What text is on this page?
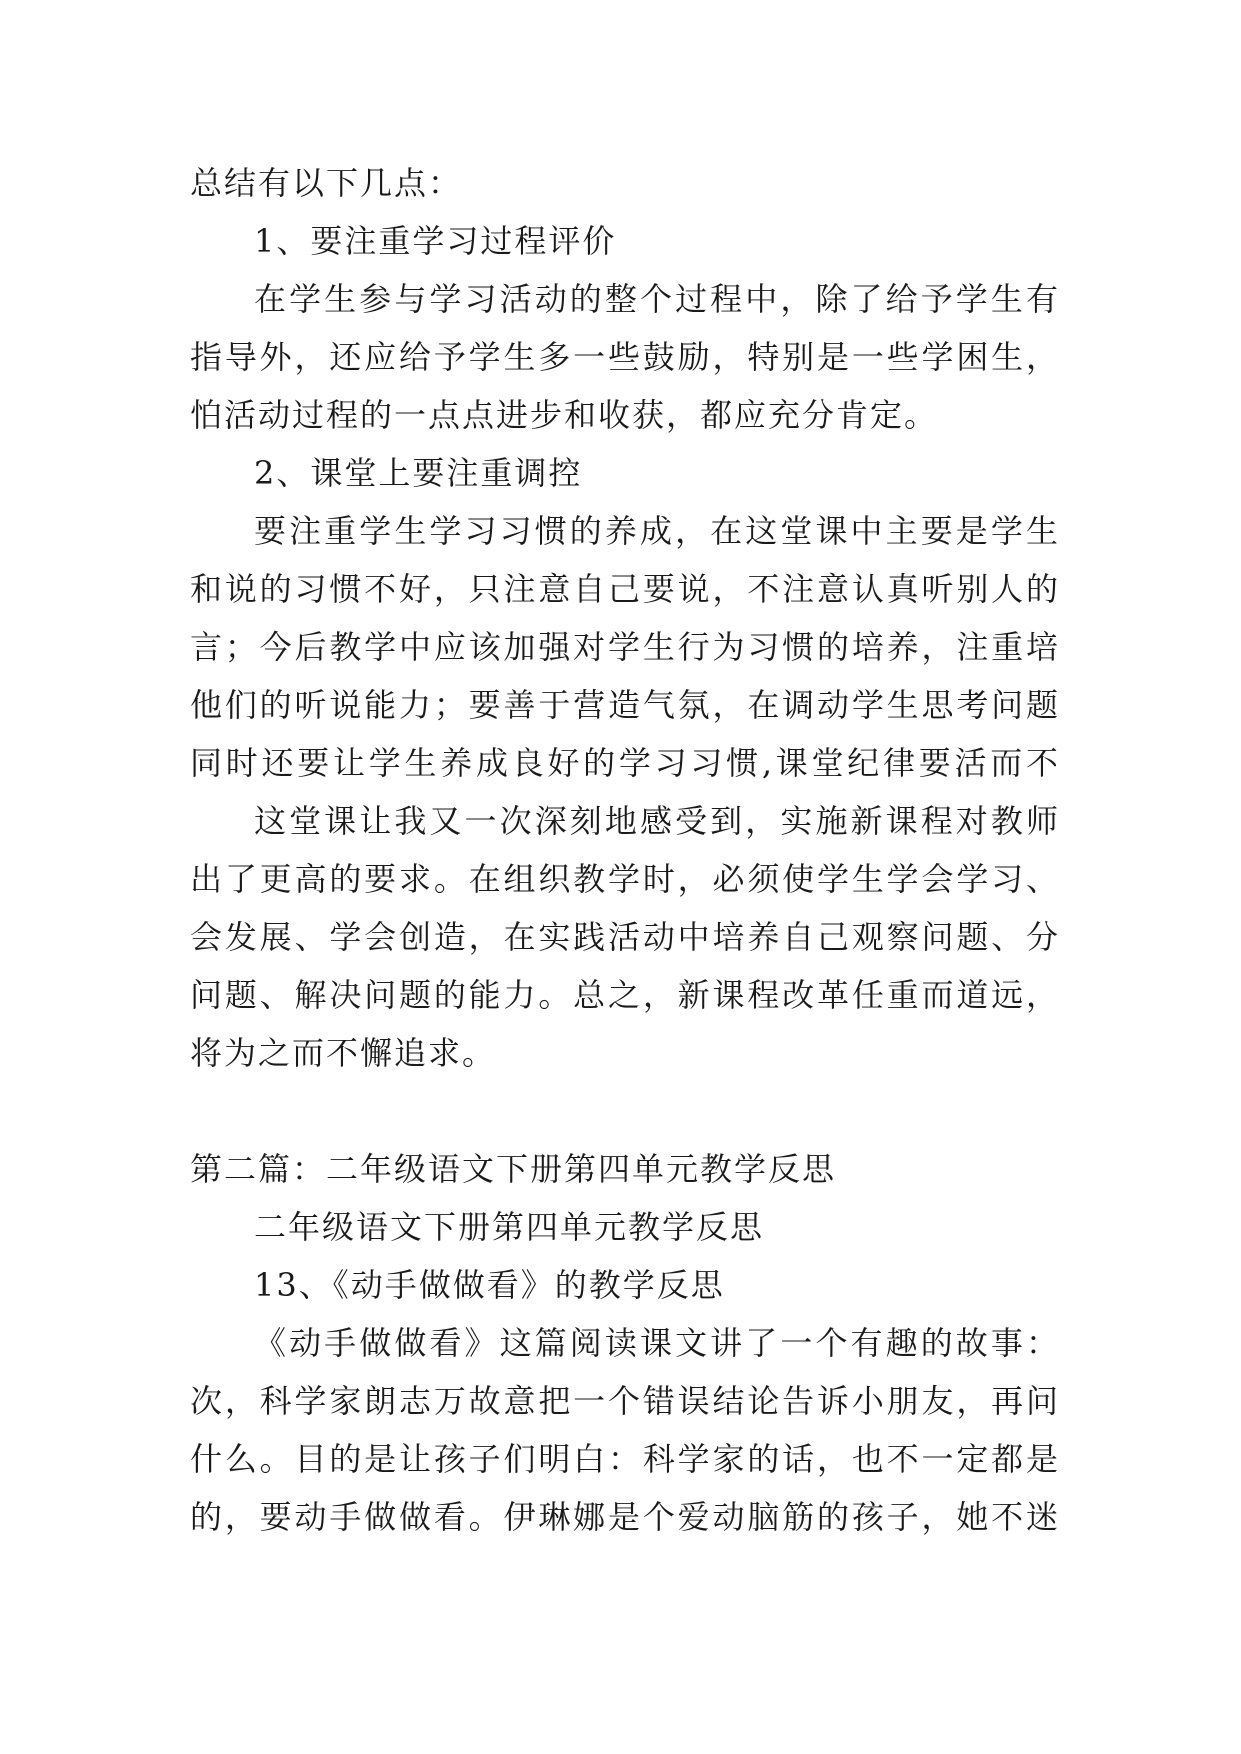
总结有以下几点：
1、要注重学习过程评价
在学生参与学习活动的整个过程中，除了给予学生有
指导外，还应给予学生多一些鼓励，特别是一些学困生，
怕活动过程的一点点进步和收获，都应充分肯定。
2、课堂上要注重调控
要注重学生学习习惯的养成，在这堂课中主要是学生
和说的习惯不好，只注意自己要说，不注意认真听别人的
言；今后教学中应该加强对学生行为习惯的培养，注重培
他们的听说能力；要善于营造气氛，在调动学生思考问题
同时还要让学生养成良好的学习习惯,课堂纪律要活而不
这堂课让我又一次深刻地感受到，实施新课程对教师
出了更高的要求。在组织教学时，必须使学生学会学习、
会发展、学会创造，在实践活动中培养自己观察问题、分
问题、解决问题的能力。总之，新课程改革任重而道远，
将为之而不懈追求。
第二篇：二年级语文下册第四单元教学反思
二年级语文下册第四单元教学反思
13、《动手做做看》的教学反思
《动手做做看》这篇阅读课文讲了一个有趣的故事：
次，科学家朗志万故意把一个错误结论告诉小朋友，再问
什么。目的是让孩子们明白：科学家的话，也不一定都是
的，要动手做做看。伊琳娜是个爱动脑筋的孩子，她不迷
